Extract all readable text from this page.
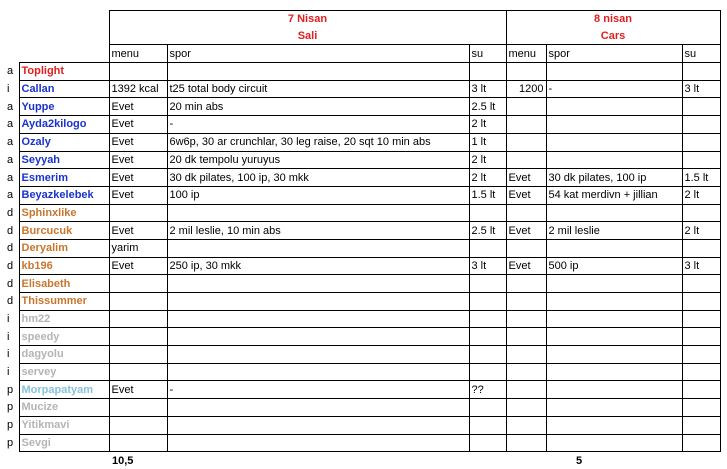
		7 Nisan			8 nisan		
		Sali			Cars		
		menu	spor	su	menu	spor	su
a	Toplight						
i	Callan	1392 kcal	t25 total body circuit	3 lt	1200	-	3 lt
a	Yuppe	Evet	20 min abs	2.5 lt			
a	Ayda2kilogo	Evet	-	2 lt			
a	Ozaly	Evet	6w6p, 30 ar crunchlar, 30 leg raise, 20 sqt 10 min abs	1 lt			
a	Seyyah	Evet	20 dk tempolu yuruyus	2 lt			
a	Esmerim	Evet	30 dk pilates, 100 ip, 30 mkk	2 lt	Evet	30 dk pilates, 100 ip	1.5 lt
a	Beyazkelebek	Evet	100 ip	1.5 lt	Evet	54 kat merdivn + jillian	2 lt
d	Sphinxlike						
d	Burcucuk	Evet	2 mil leslie, 10 min abs	2.5 lt	Evet	2 mil leslie	2 lt
d	Deryalim	yarim					
d	kb196	Evet	250 ip, 30 mkk	3 lt	Evet	500 ip	3 lt
d	Elisabeth						
d	Thissummer						
i	hm22						
i	speedy						
i	dagyolu						
i	servey						
p	Morpapatyam	Evet	-	??			
p	Mucize						
p	Yitikmavi						
p	Sevgi						
		10,5				5	
